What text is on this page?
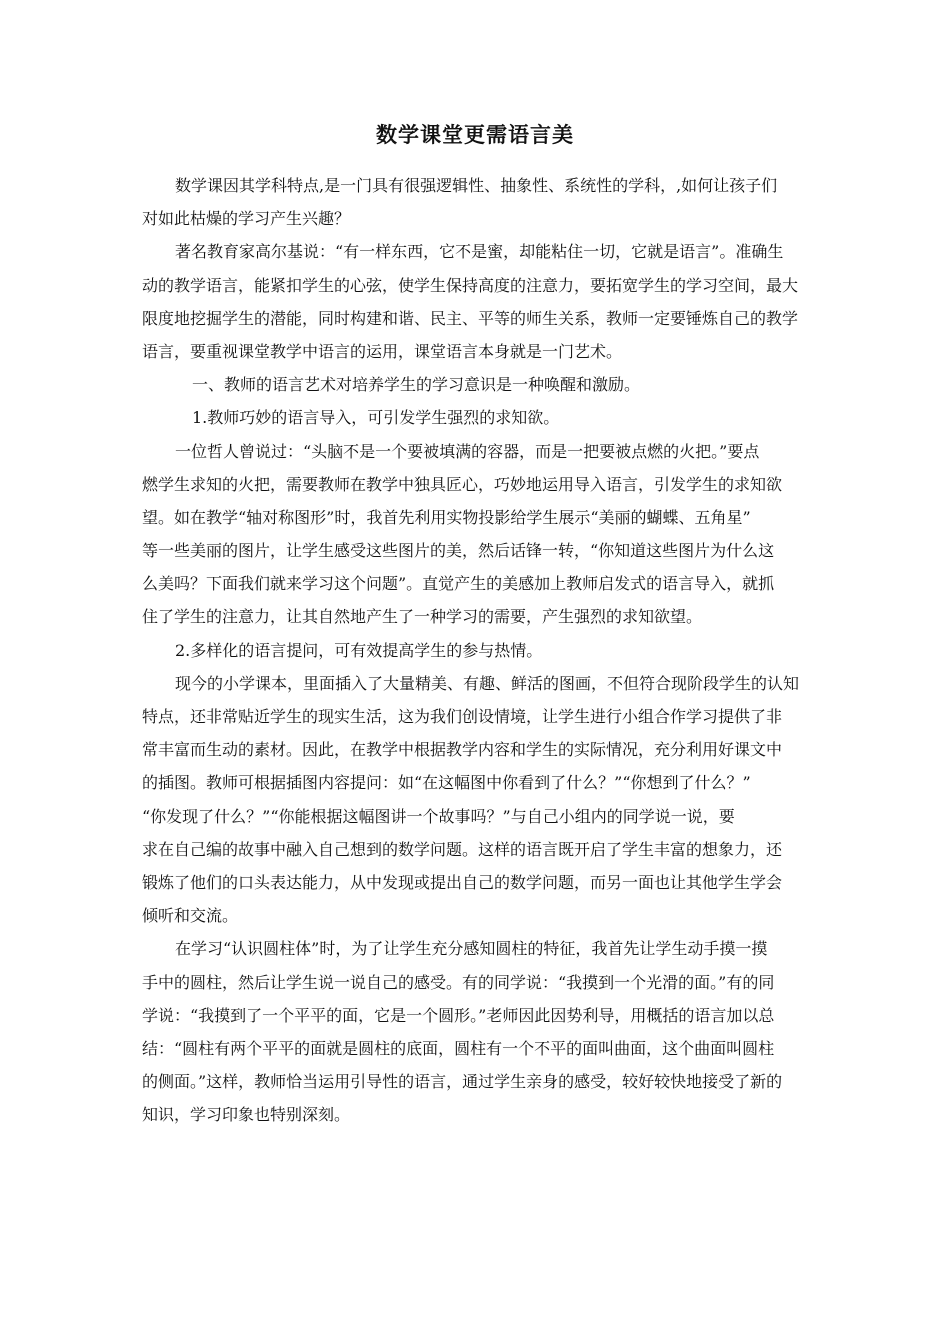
数学课堂更需语言美
数学课因其学科特点,是一门具有很强逻辑性、抽象性、系统性的学科，,如何让孩子们
对如此枯燥的学习产生兴趣？
著名教育家高尔基说：“有一样东西，它不是蜜，却能粘住一切，它就是语言”。准确生
动的教学语言，能紧扣学生的心弦，使学生保持高度的注意力，要拓宽学生的学习空间，最大
限度地挖掘学生的潜能，同时构建和谐、民主、平等的师生关系，教师一定要锤炼自己的教学
语言，要重视课堂教学中语言的运用，课堂语言本身就是一门艺术。
一、教师的语言艺术对培养学生的学习意识是一种唤醒和激励。
1.教师巧妙的语言导入，可引发学生强烈的求知欲。
一位哲人曾说过：“头脑不是一个要被填满的容器，而是一把要被点燃的火把。”要点
燃学生求知的火把，需要教师在教学中独具匠心，巧妙地运用导入语言，引发学生的求知欲
望。如在教学“轴对称图形”时，我首先利用实物投影给学生展示“美丽的蝴蝶、五角星”
等一些美丽的图片，让学生感受这些图片的美，然后话锋一转，“你知道这些图片为什么这
么美吗？下面我们就来学习这个问题”。直觉产生的美感加上教师启发式的语言导入，就抓
住了学生的注意力，让其自然地产生了一种学习的需要，产生强烈的求知欲望。
2.多样化的语言提问，可有效提高学生的参与热情。
现今的小学课本，里面插入了大量精美、有趣、鲜活的图画，不但符合现阶段学生的认知
特点，还非常贴近学生的现实生活，这为我们创设情境，让学生进行小组合作学习提供了非
常丰富而生动的素材。因此，在教学中根据教学内容和学生的实际情况，充分利用好课文中
的插图。教师可根据插图内容提问：如“在这幅图中你看到了什么？”“你想到了什么？”
“你发现了什么？”“你能根据这幅图讲一个故事吗？”与自己小组内的同学说一说，要
求在自己编的故事中融入自己想到的数学问题。这样的语言既开启了学生丰富的想象力，还
锻炼了他们的口头表达能力，从中发现或提出自己的数学问题，而另一面也让其他学生学会
倾听和交流。
在学习“认识圆柱体”时，为了让学生充分感知圆柱的特征，我首先让学生动手摸一摸
手中的圆柱，然后让学生说一说自己的感受。有的同学说：“我摸到一个光滑的面。”有的同
学说：“我摸到了一个平平的面，它是一个圆形。”老师因此因势利导，用概括的语言加以总
结：“圆柱有两个平平的面就是圆柱的底面，圆柱有一个不平的面叫曲面，这个曲面叫圆柱
的侧面。”这样，教师恰当运用引导性的语言，通过学生亲身的感受，较好较快地接受了新的
知识，学习印象也特别深刻。
